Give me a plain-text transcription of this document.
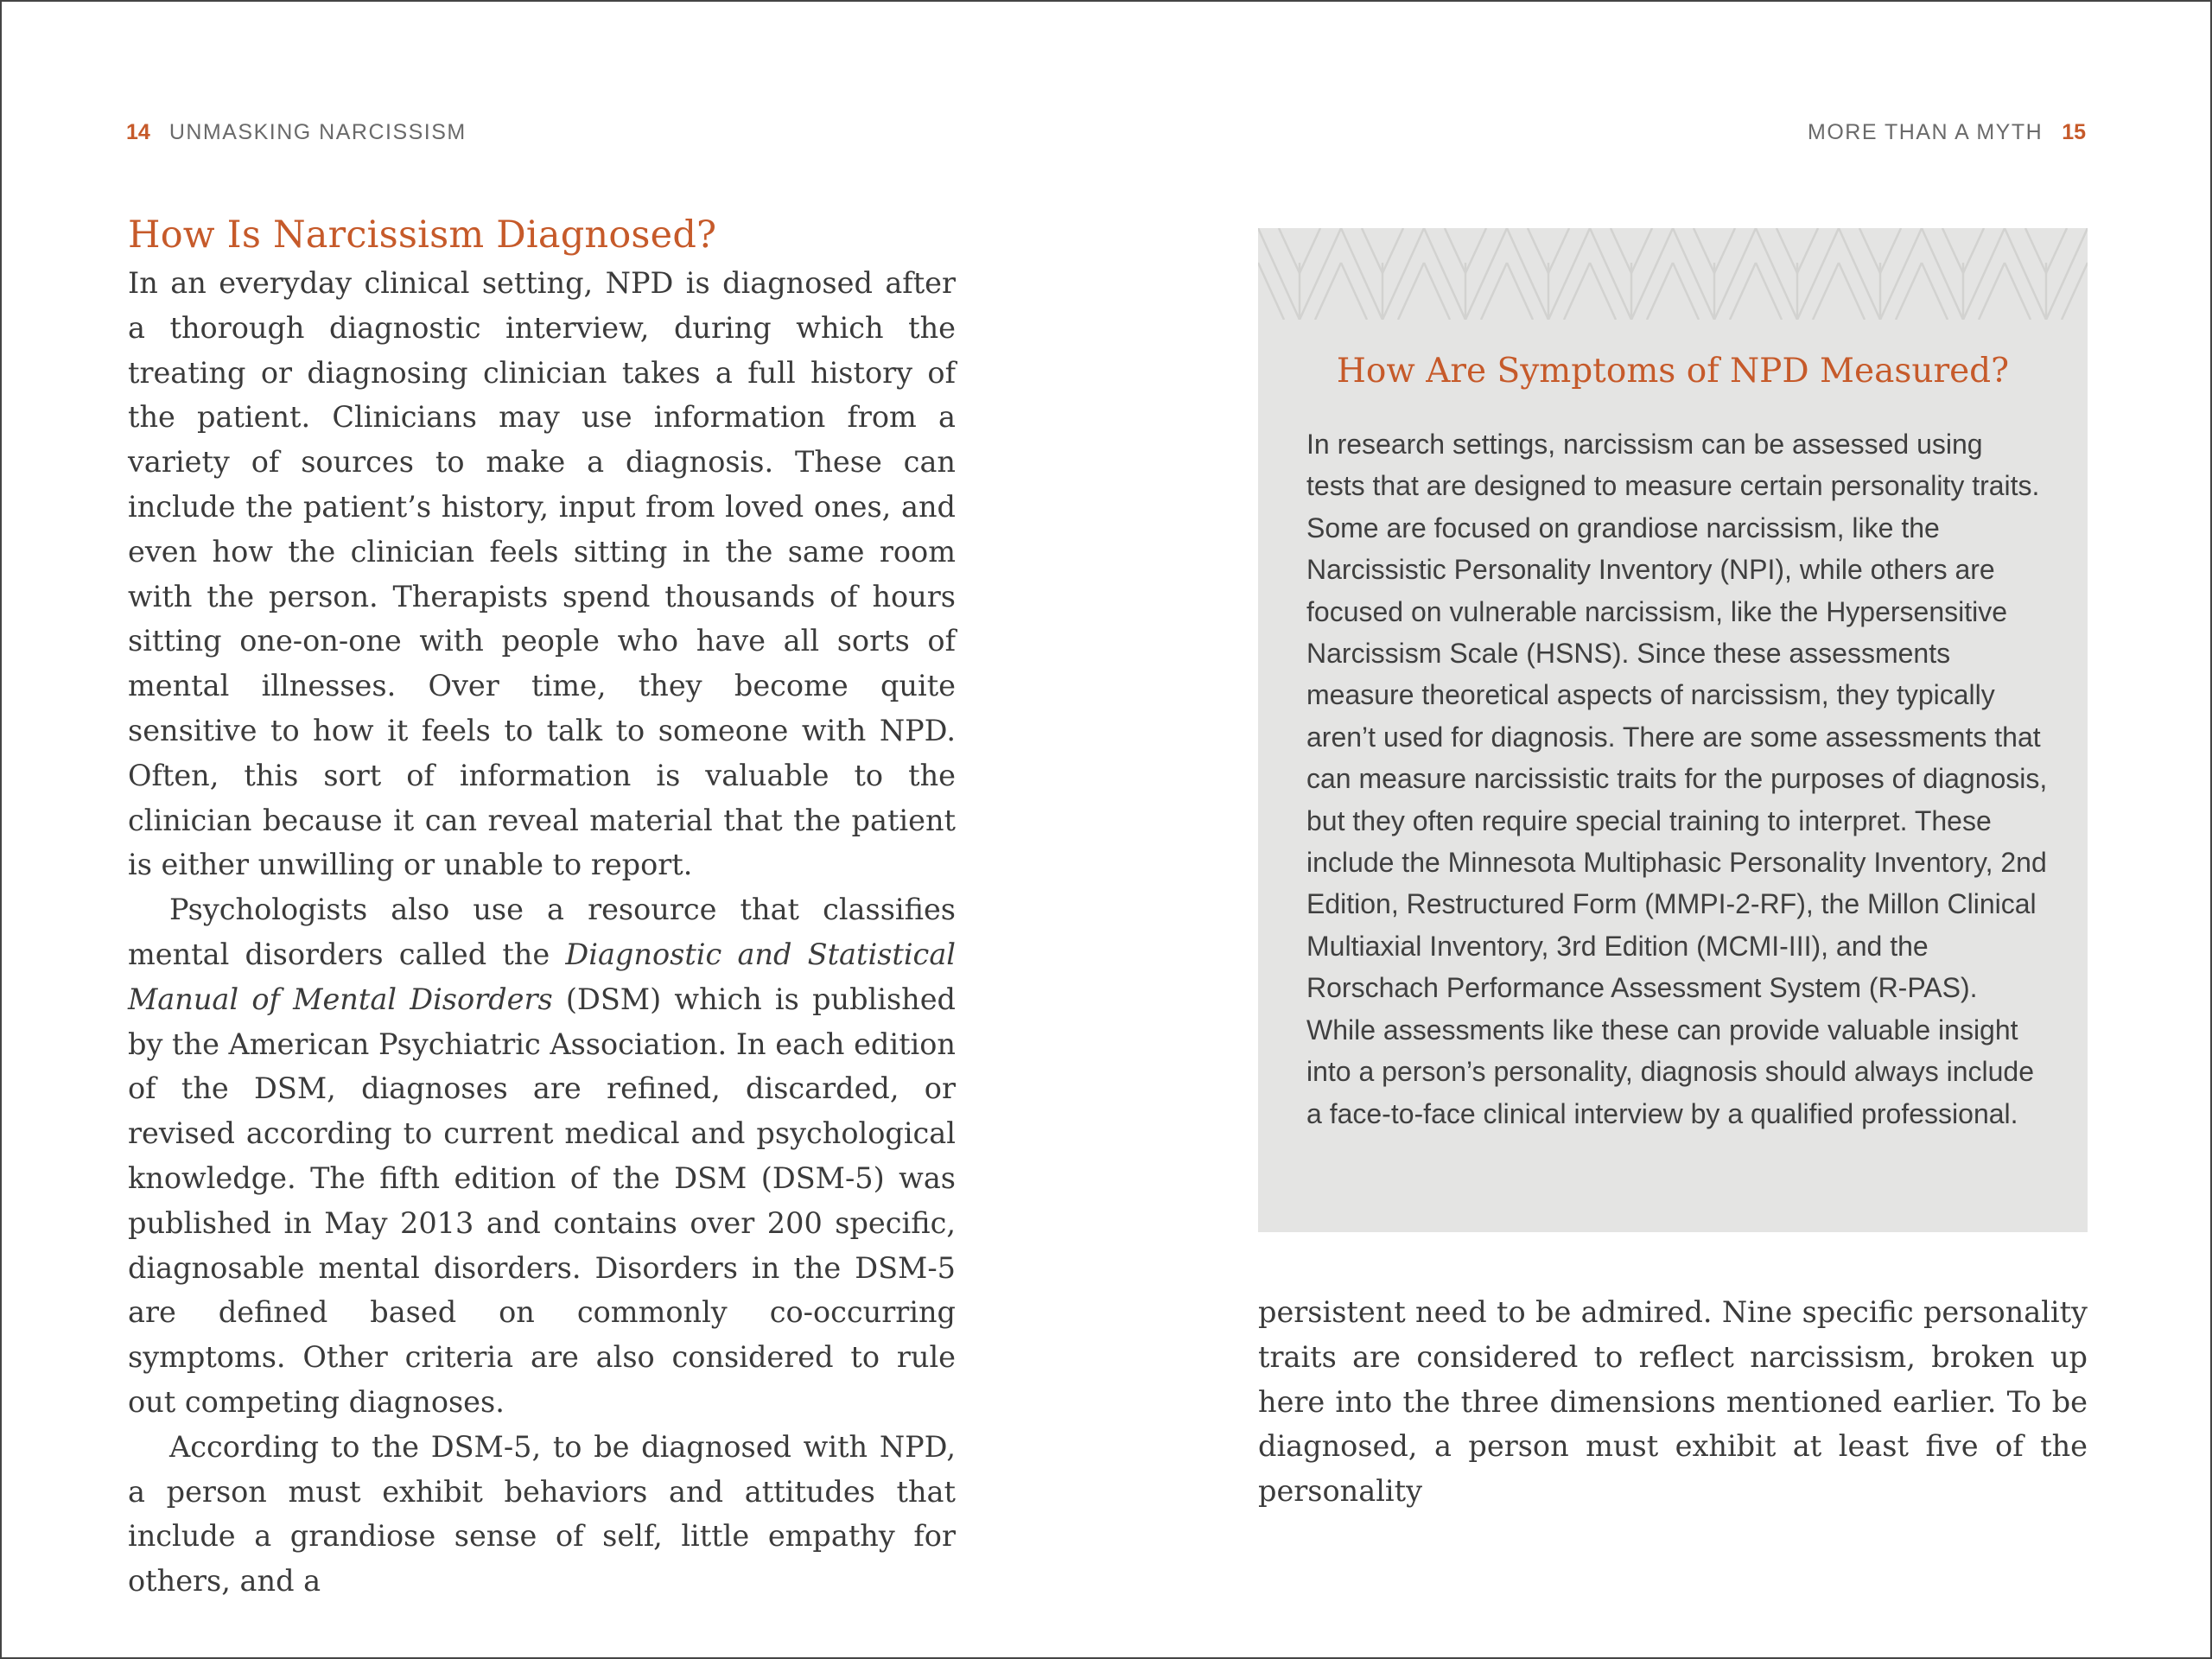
14 UNMASKING NARCISSISM	MORE THAN A MYTH 15
How Is Narcissism Diagnosed?

In an everyday clinical setting, NPD is diagnosed after a thorough diagnostic interview, during which the treating or diagnosing clinician takes a full history of the patient. Clinicians may use information from a variety of sources to make a diagnosis. These can include the patient’s history, input from loved ones, and even how the clinician feels sitting in the same room with the person. Therapists spend thousands of hours sitting one-on-one with people who have all sorts of mental illnesses. Over time, they become quite sensitive to how it feels to talk to someone with NPD. Often, this sort of information is valuable to the clinician because it can reveal material that the patient is either unwilling or unable to report.

Psychologists also use a resource that classifies mental disorders called the Diagnostic and Statistical Manual of Mental Disorders (DSM) which is published by the American Psychiatric Association. In each edition of the DSM, diagnoses are refined, discarded, or revised according to current medical and psychological knowledge. The fifth edition of the DSM (DSM-5) was published in May 2013 and contains over 200 specific, diagnosable mental disorders. Disorders in the DSM-5 are defined based on commonly co-occurring symptoms. Other criteria are also considered to rule out competing diagnoses.

According to the DSM-5, to be diagnosed with NPD, a person must exhibit behaviors and attitudes that include a grandiose sense of self, little empathy for others, and a

How Are Symptoms of NPD Measured?

In research settings, narcissism can be assessed using tests that are designed to measure certain personality traits. Some are focused on grandiose narcissism, like the Narcissistic Personality Inventory (NPI), while others are focused on vulnerable narcissism, like the Hypersensitive Narcissism Scale (HSNS). Since these assessments measure theoretical aspects of narcissism, they typically aren’t used for diagnosis. There are some assessments that can measure narcissistic traits for the purposes of diagnosis, but they often require special training to interpret. These include the Minnesota Multiphasic Personality Inventory, 2nd Edition, Restructured Form (MMPI-2-RF), the Millon Clinical Multiaxial Inventory, 3rd Edition (MCMI-III), and the Rorschach Performance Assessment System (R-PAS). While assessments like these can provide valuable insight into a person’s personality, diagnosis should always include a face-to-face clinical interview by a qualified professional.

persistent need to be admired. Nine specific personality traits are considered to reflect narcissism, broken up here into the three dimensions mentioned earlier. To be diagnosed, a person must exhibit at least five of the personality
